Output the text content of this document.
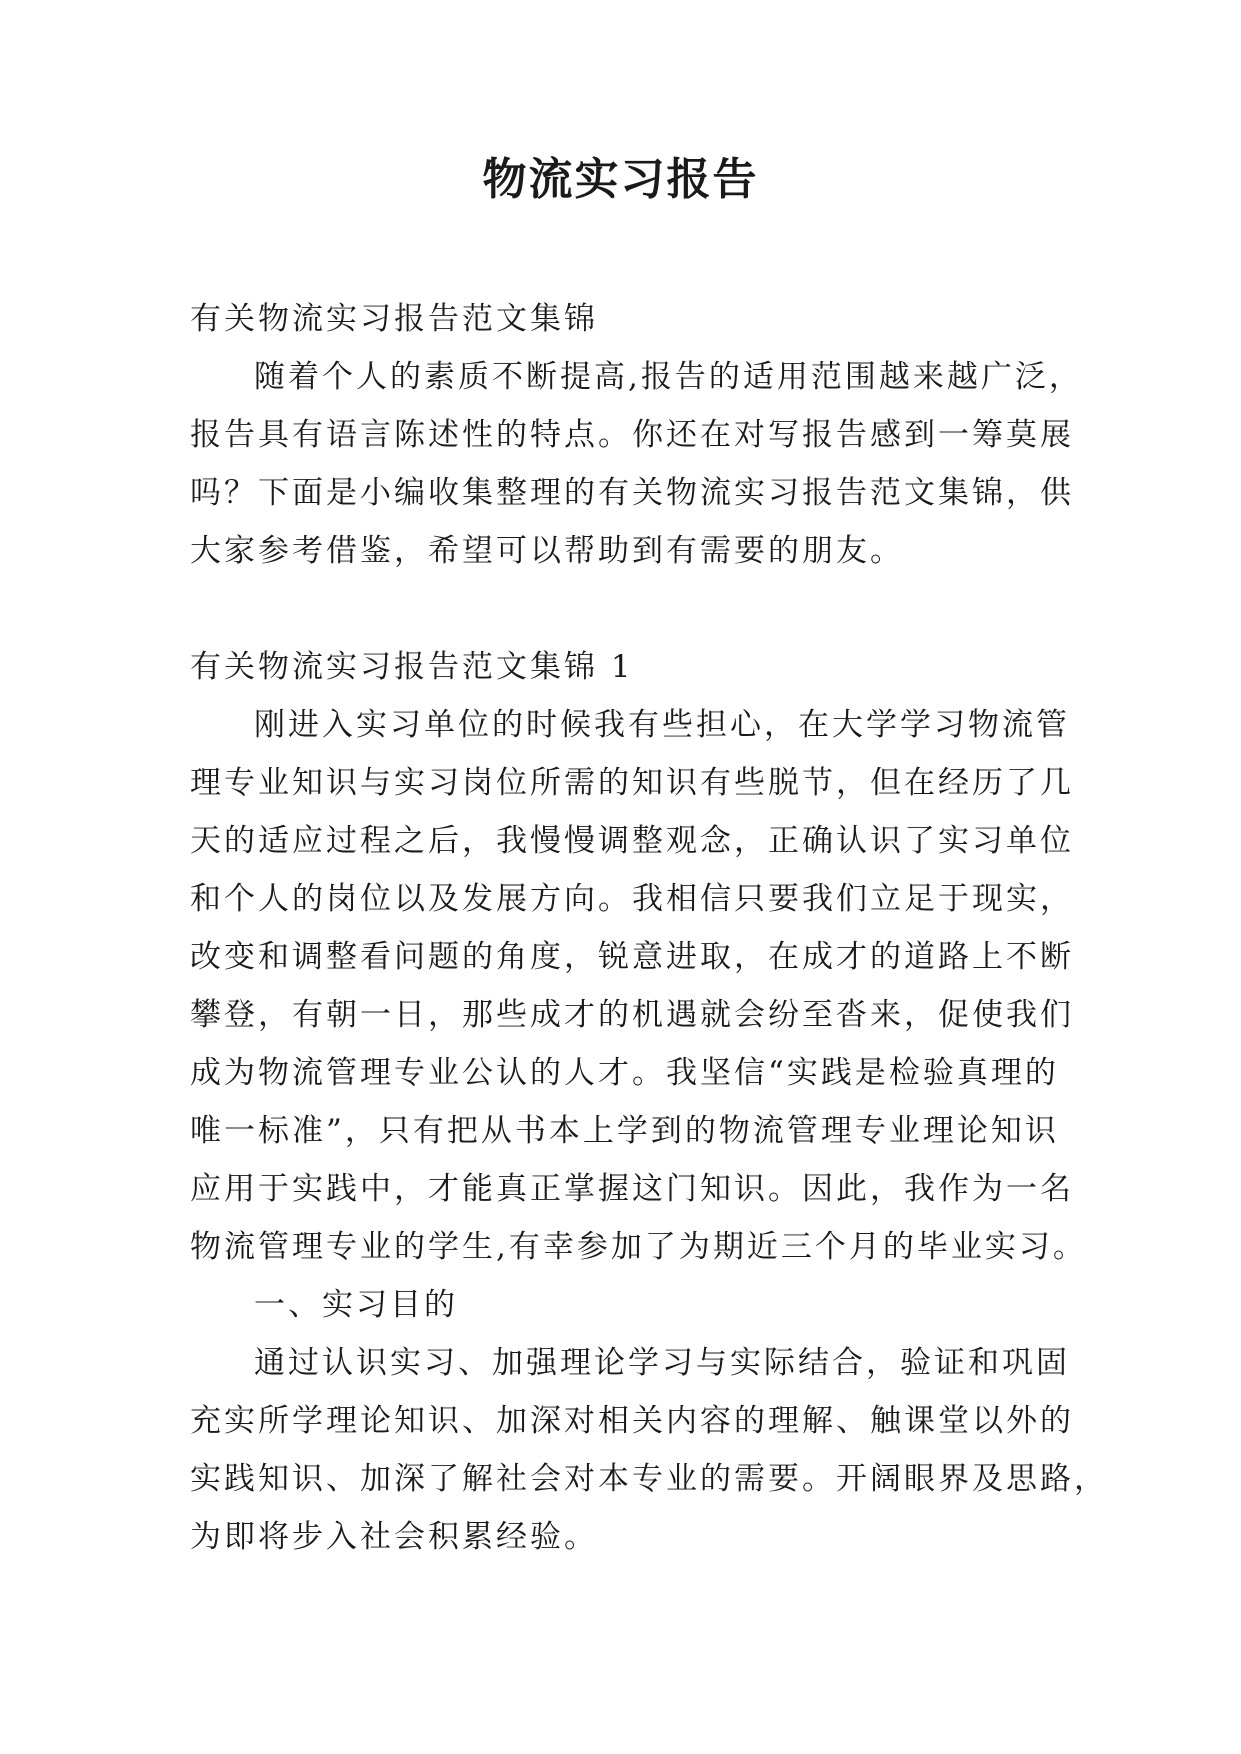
物流实习报告
有关物流实习报告范文集锦
随着个人的素质不断提高,报告的适用范围越来越广泛，
报告具有语言陈述性的特点。你还在对写报告感到一筹莫展
吗？下面是小编收集整理的有关物流实习报告范文集锦，供
大家参考借鉴，希望可以帮助到有需要的朋友。
有关物流实习报告范文集锦 1
刚进入实习单位的时候我有些担心，在大学学习物流管
理专业知识与实习岗位所需的知识有些脱节，但在经历了几
天的适应过程之后，我慢慢调整观念，正确认识了实习单位
和个人的岗位以及发展方向。我相信只要我们立足于现实，
改变和调整看问题的角度，锐意进取，在成才的道路上不断
攀登，有朝一日，那些成才的机遇就会纷至沓来，促使我们
成为物流管理专业公认的人才。我坚信“实践是检验真理的
唯一标准”，只有把从书本上学到的物流管理专业理论知识
应用于实践中，才能真正掌握这门知识。因此，我作为一名
物流管理专业的学生,有幸参加了为期近三个月的毕业实习。
一、实习目的
通过认识实习、加强理论学习与实际结合，验证和巩固
充实所学理论知识、加深对相关内容的理解、触课堂以外的
实践知识、加深了解社会对本专业的需要。开阔眼界及思路，
为即将步入社会积累经验。
